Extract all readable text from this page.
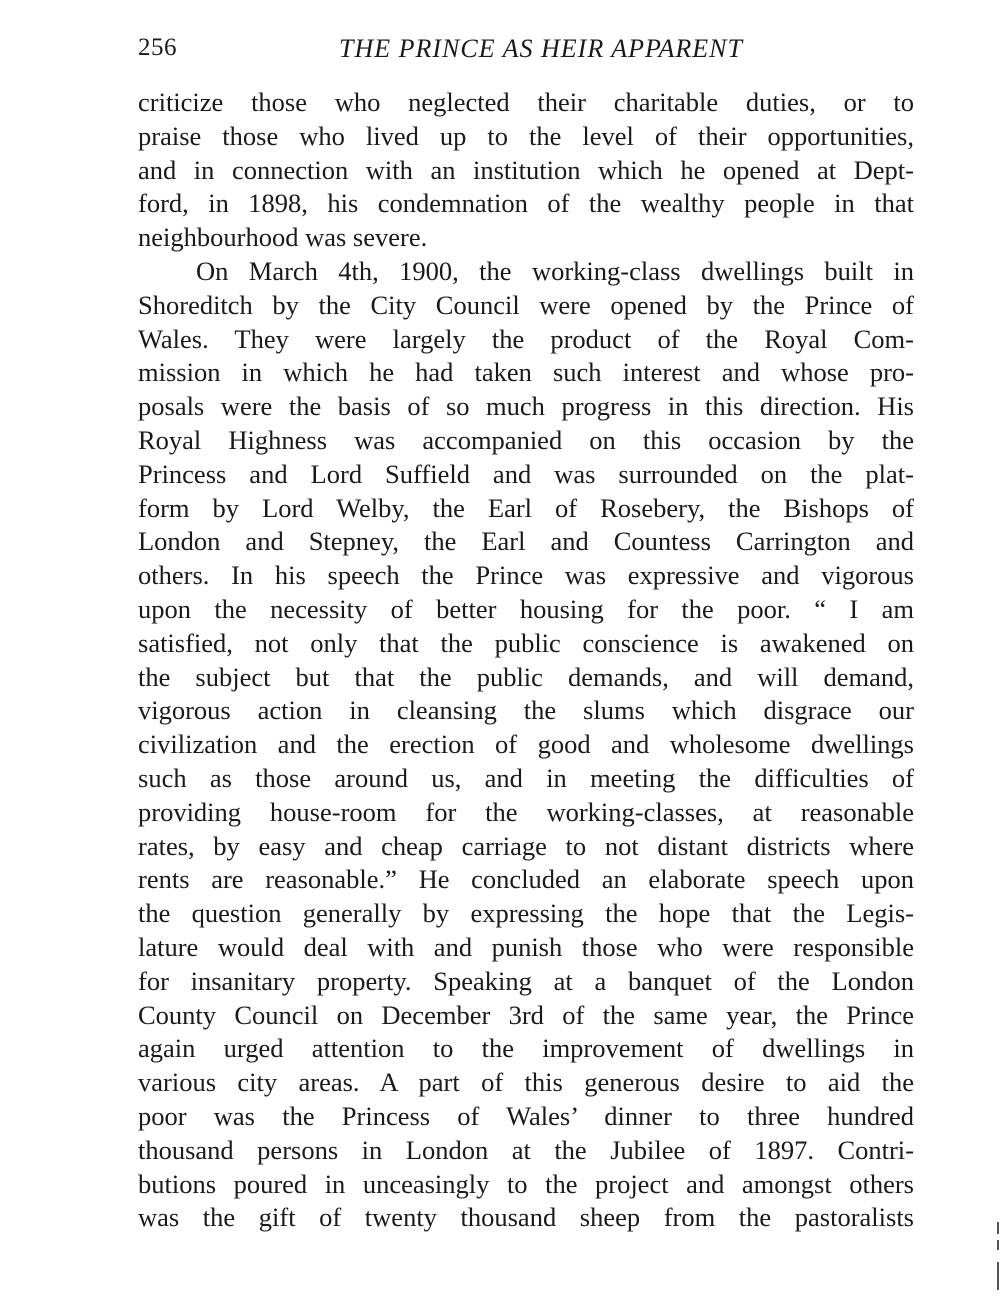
256	THE PRINCE AS HEIR APPARENT
criticize those who neglected their charitable duties, or to
praise those who lived up to the level of their opportunities,
and in connection with an institution which he opened at Dept-
ford, in 1898, his condemnation of the wealthy people in that
neighbourhood was severe.
On March 4th, 1900, the working-class dwellings built in
Shoreditch by the City Council were opened by the Prince of
Wales. They were largely the product of the Royal Com-
mission in which he had taken such interest and whose pro-
posals were the basis of so much progress in this direction. His
Royal Highness was accompanied on this occasion by the
Princess and Lord Suffield and was surrounded on the plat-
form by Lord Welby, the Earl of Rosebery, the Bishops of
London and Stepney, the Earl and Countess Carrington and
others. In his speech the Prince was expressive and vigorous
upon the necessity of better housing for the poor. “ I am
satisfied, not only that the public conscience is awakened on
the subject but that the public demands, and will demand,
vigorous action in cleansing the slums which disgrace our
civilization and the erection of good and wholesome dwellings
such as those around us, and in meeting the difficulties of
providing house-room for the working-classes, at reasonable
rates, by easy and cheap carriage to not distant districts where
rents are reasonable.” He concluded an elaborate speech upon
the question generally by expressing the hope that the Legis-
lature would deal with and punish those who were responsible
for insanitary property. Speaking at a banquet of the London
County Council on December 3rd of the same year, the Prince
again urged attention to the improvement of dwellings in
various city areas. A part of this generous desire to aid the
poor was the Princess of Wales’ dinner to three hundred
thousand persons in London at the Jubilee of 1897. Contri-
butions poured in unceasingly to the project and amongst others
was the gift of twenty thousand sheep from the pastoralists
